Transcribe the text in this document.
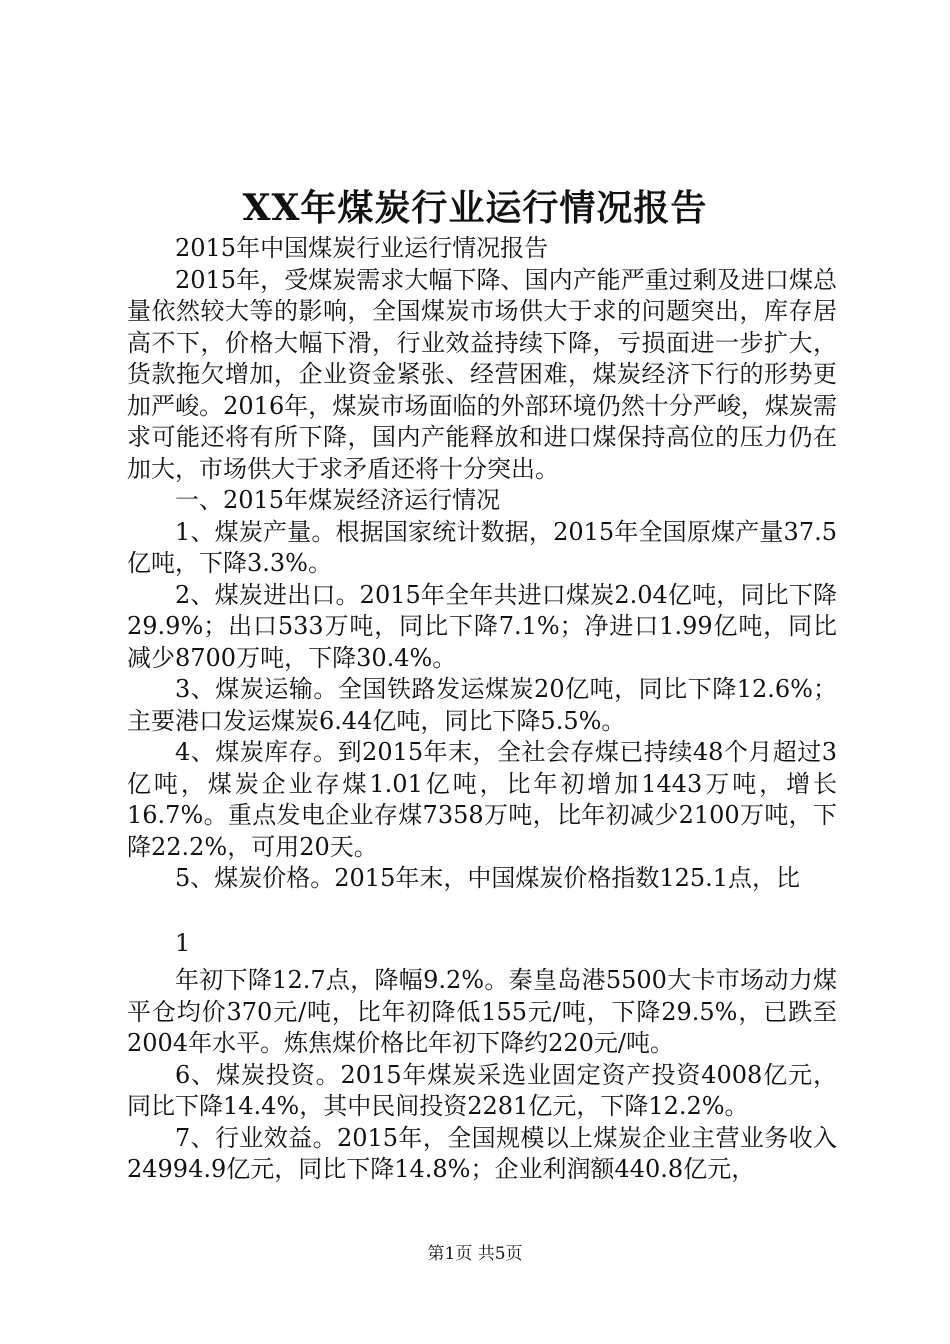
XX年煤炭行业运行情况报告

2015年中国煤炭行业运行情况报告

2015年，受煤炭需求大幅下降、国内产能严重过剩及进口煤总量依然较大等的影响，全国煤炭市场供大于求的问题突出，库存居高不下，价格大幅下滑，行业效益持续下降，亏损面进一步扩大，货款拖欠增加，企业资金紧张、经营困难，煤炭经济下行的形势更加严峻。2016年，煤炭市场面临的外部环境仍然十分严峻，煤炭需求可能还将有所下降，国内产能释放和进口煤保持高位的压力仍在加大，市场供大于求矛盾还将十分突出。

一、2015年煤炭经济运行情况

1、煤炭产量。根据国家统计数据，2015年全国原煤产量37.5亿吨，下降3.3%。

2、煤炭进出口。2015年全年共进口煤炭2.04亿吨，同比下降29.9%；出口533万吨，同比下降7.1%；净进口1.99亿吨，同比减少8700万吨，下降30.4%。

3、煤炭运输。全国铁路发运煤炭20亿吨，同比下降12.6%；主要港口发运煤炭6.44亿吨，同比下降5.5%。

4、煤炭库存。到2015年末，全社会存煤已持续48个月超过3亿吨，煤炭企业存煤1.01亿吨，比年初增加1443万吨，增长16.7%。重点发电企业存煤7358万吨，比年初减少2100万吨，下降22.2%，可用20天。

5、煤炭价格。2015年末，中国煤炭价格指数125.1点，比

1

年初下降12.7点，降幅9.2%。秦皇岛港5500大卡市场动力煤平仓均价370元/吨，比年初降低155元/吨，下降29.5%，已跌至2004年水平。炼焦煤价格比年初下降约220元/吨。

6、煤炭投资。2015年煤炭采选业固定资产投资4008亿元，同比下降14.4%，其中民间投资2281亿元，下降12.2%。

7、行业效益。2015年，全国规模以上煤炭企业主营业务收入24994.9亿元，同比下降14.8%；企业利润额440.8亿元，

第1页 共5页
